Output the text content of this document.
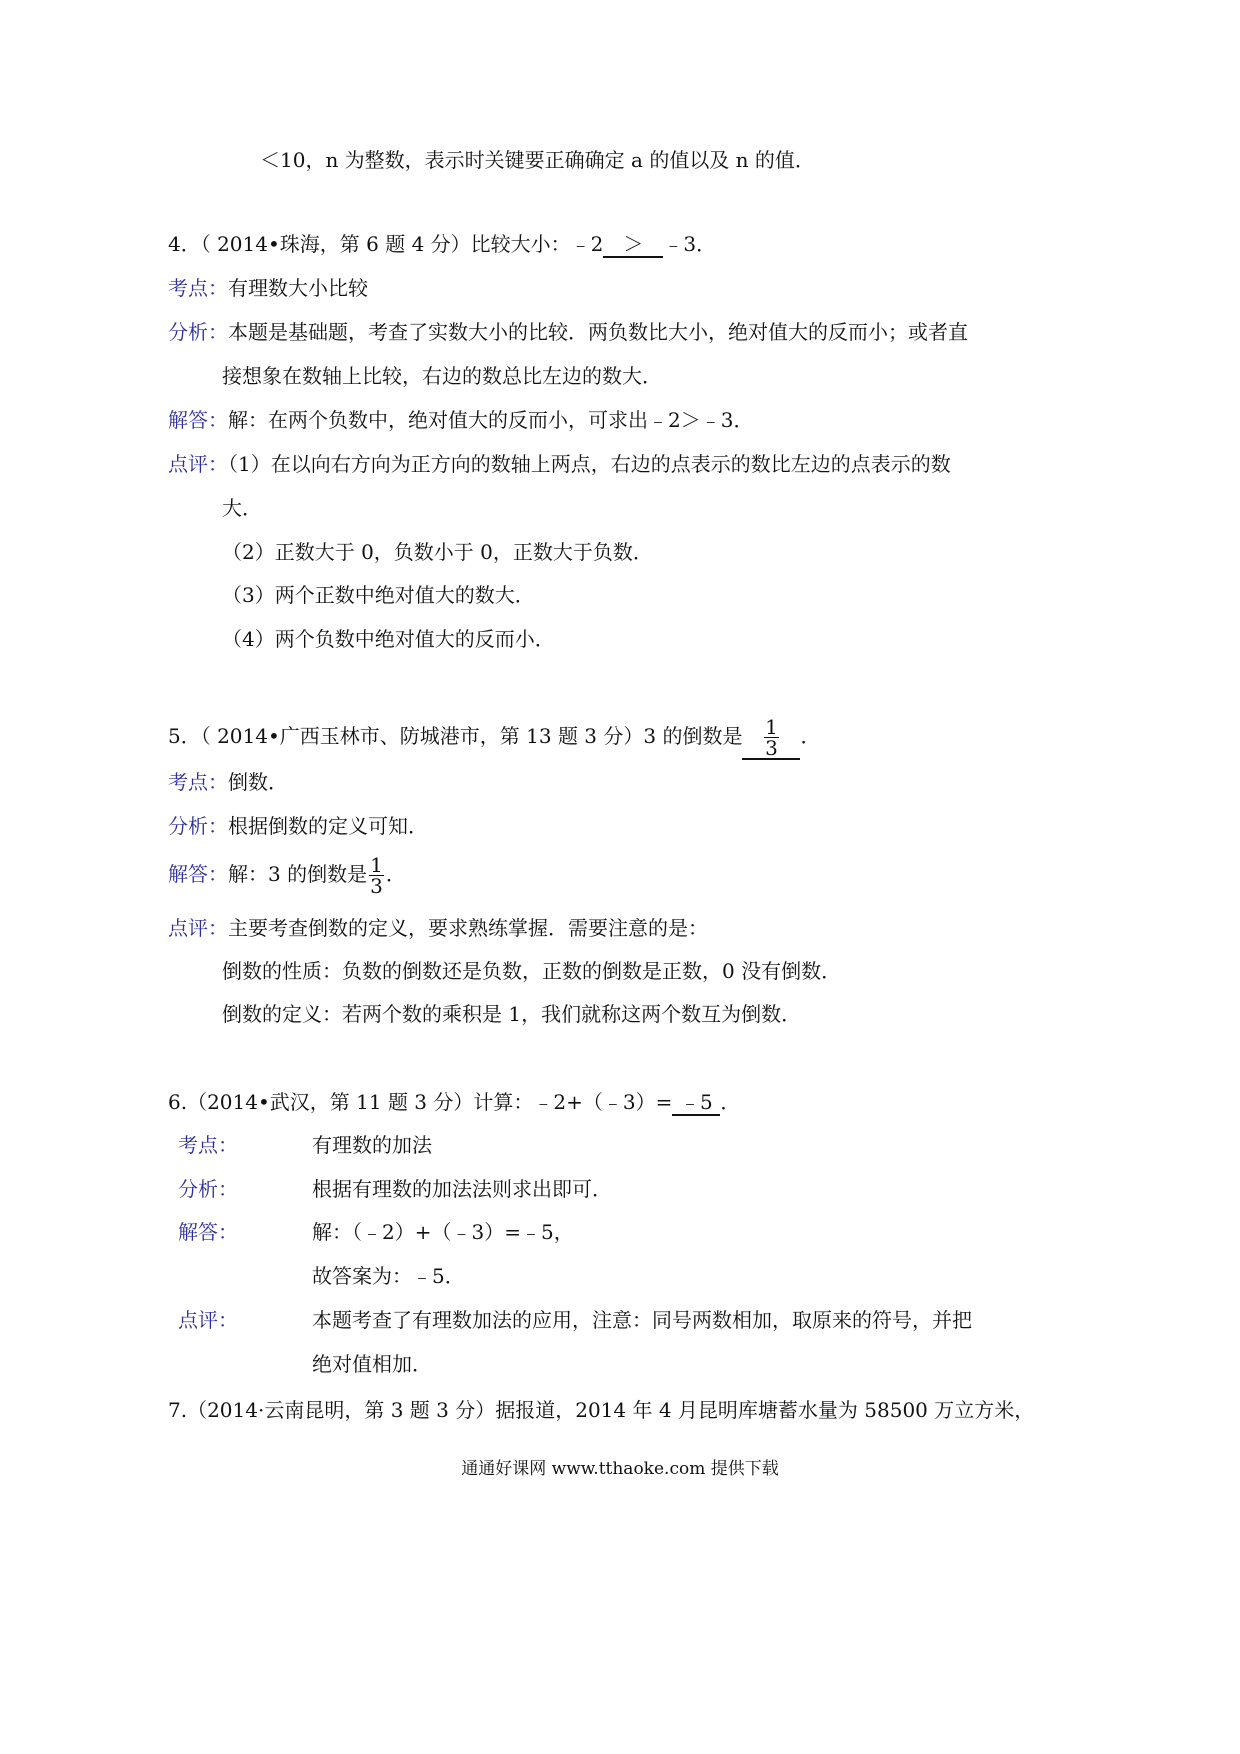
＜10，n 为整数，表示时关键要正确确定 a 的值以及 n 的值．
4．（ 2014•珠海，第 6 题 4 分）比较大小：﹣2 ＞ ﹣3．
考点：有理数大小比较
分析：本题是基础题，考查了实数大小的比较．两负数比大小，绝对值大的反而小；或者直
接想象在数轴上比较，右边的数总比左边的数大．
解答：解：在两个负数中，绝对值大的反而小，可求出﹣2＞﹣3．
点评：（1）在以向右方向为正方向的数轴上两点，右边的点表示的数比左边的点表示的数
大．
（2）正数大于 0，负数小于 0，正数大于负数．
（3）两个正数中绝对值大的数大．
（4）两个负数中绝对值大的反而小．
5．（ 2014•广西玉林市、防城港市，第 13 题 3 分）3 的倒数是 $\frac{1}{3}$ ．
考点：倒数．
分析：根据倒数的定义可知．
解答：解：3 的倒数是 $\frac{1}{3}$ ．
点评：主要考查倒数的定义，要求熟练掌握．需要注意的是：
倒数的性质：负数的倒数还是负数，正数的倒数是正数，0 没有倒数．
倒数的定义：若两个数的乘积是 1，我们就称这两个数互为倒数．
6.（2014•武汉，第 11 题 3 分）计算：﹣2+（﹣3）= ﹣5 ．
考点：	有理数的加法
分析：	根据有理数的加法法则求出即可．
解答：	解：（﹣2）+（﹣3）=﹣5，
故答案为：﹣5．
点评：	本题考查了有理数加法的应用，注意：同号两数相加，取原来的符号，并把
绝对值相加．
7.（2014·云南昆明，第 3 题 3 分）据报道，2014 年 4 月昆明库塘蓄水量为 58500 万立方米，
通通好课网 www.tthaoke.com 提供下载
